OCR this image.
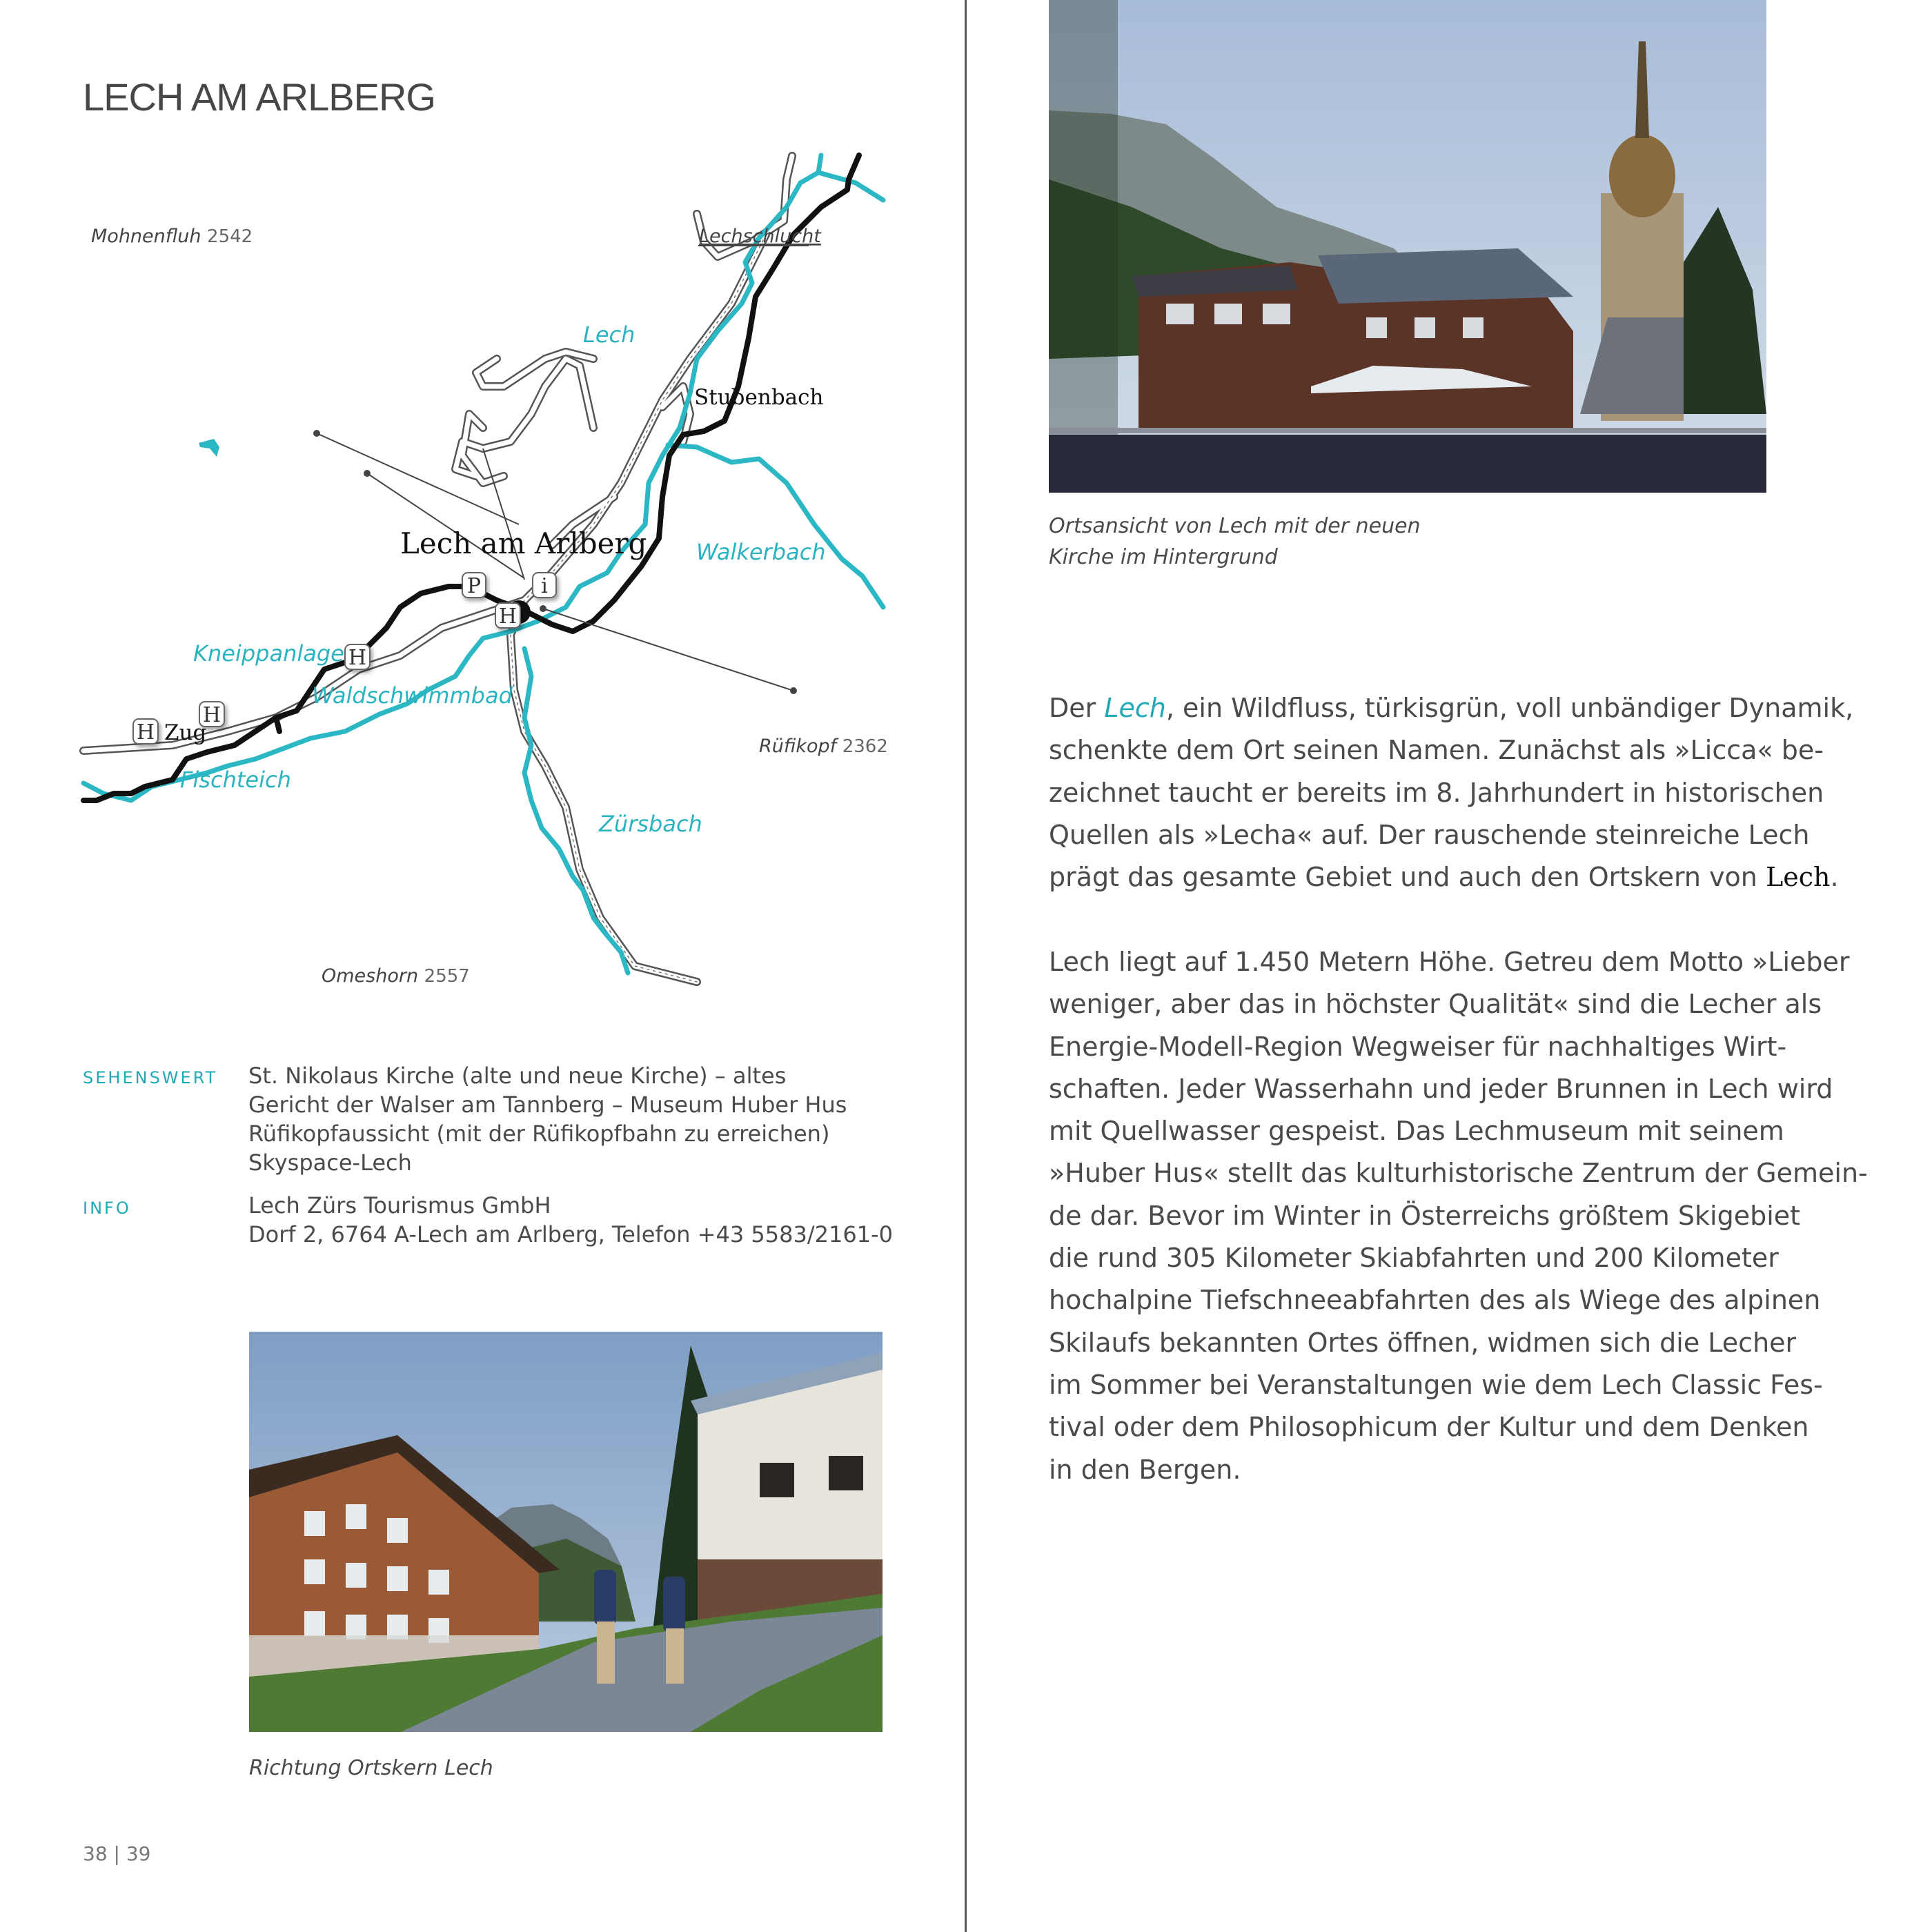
LECH AM ARLBERG
P	i
H
H
H
H
Mohnenfluh 2542
Rüfikopf 2362
Omeshorn 2557
Lechschlucht
Lech
Walkerbach
Zürsbach
Stubenbach
Lech am Arlberg
Zug
Kneippanlage
Waldschwimmbad
Fischteich
SEHENSWERT St. Nikolaus Kirche (alte und neue Kirche) – altes
Gericht der Walser am Tannberg – Museum Huber Hus
Rüfikopfaussicht (mit der Rüfikopfbahn zu erreichen)
Skyspace-Lech
INFO	Lech Zürs Tourismus GmbH
Dorf 2, 6764 A-Lech am Arlberg, Telefon +43 5583/2161-0
Richtung Ortskern Lech
38 | 39
Ortsansicht von Lech mit der neuen
Kirche im Hintergrund

Der Lech, ein Wildfluss, türkisgrün, voll unbändiger Dynamik,

schenkte dem Ort seinen Namen. Zunächst als »Licca« be-

zeichnet taucht er bereits im 8. Jahrhundert in historischen

Quellen als »Lecha« auf. Der rauschende steinreiche Lech

prägt das gesamte Gebiet und auch den Ortskern von Lech.

Lech liegt auf 1.450 Metern Höhe. Getreu dem Motto »Lieber

weniger, aber das in höchster Qualität« sind die Lecher als

Energie-Modell-Region Wegweiser für nachhaltiges Wirt-

schaften. Jeder Wasserhahn und jeder Brunnen in Lech wird

mit Quellwasser gespeist. Das Lechmuseum mit seinem

»Huber Hus« stellt das kulturhistorische Zentrum der Gemein-

de dar. Bevor im Winter in Österreichs größtem Skigebiet

die rund 305 Kilometer Skiabfahrten und 200 Kilometer

hochalpine Tiefschneeabfahrten des als Wiege des alpinen

Skilaufs bekannten Ortes öffnen, widmen sich die Lecher

im Sommer bei Veranstaltungen wie dem Lech Classic Fes-

tival oder dem Philosophicum der Kultur und dem Denken

in den Bergen.
